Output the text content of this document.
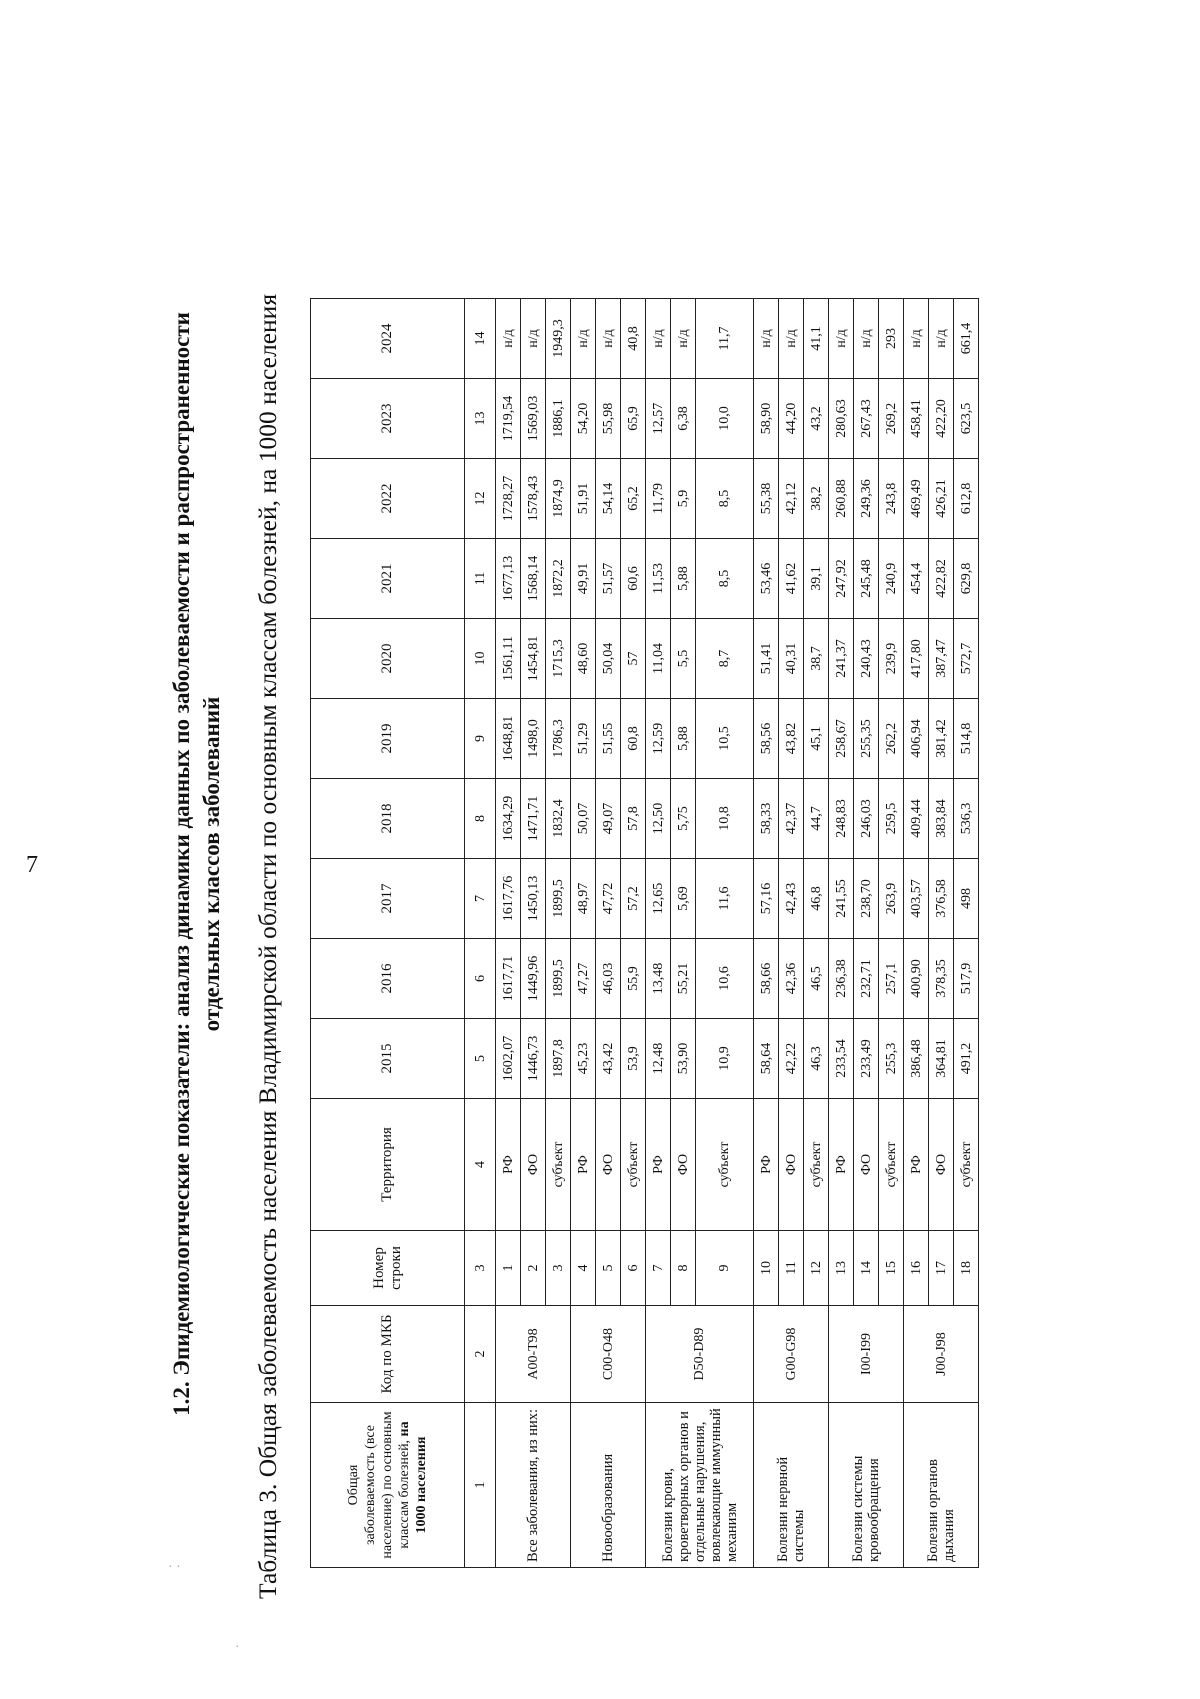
7
· ·
·
1.2. Эпидемиологические показатели: анализ динамики данных по заболеваемости и распространенности отдельных классов заболеваний Таблица 3. Общая заболеваемость населения Владимирской области по основным классам болезней, на 1000 населения	Общая заболеваемость (все население) по основным классам болезней, на 1000 населения	Код по МКБ	Номер строки	Территория	2015	2016	2017	2018	2019	2020	2021	2022	2023	2024
1	2	3	4	5	6	7	8	9	10	11	12	13	14
Все заболевания, из них:	A00-T98	1	РФ	1602,07	1617,71	1617,76	1634,29	1648,81	1561,11	1677,13	1728,27	1719,54	н/д
		2	ФО	1446,73	1449,96	1450,13	1471,71	1498,0	1454,81	1568,14	1578,43	1569,03	н/д
		3	субъект	1897,8	1899,5	1899,5	1832,4	1786,3	1715,3	1872,2	1874,9	1886,1	1949,3
Новообразования	C00-O48	4	РФ	45,23	47,27	48,97	50,07	51,29	48,60	49,91	51,91	54,20	н/д
		5	ФО	43,42	46,03	47,72	49,07	51,55	50,04	51,57	54,14	55,98	н/д
		6	субъект	53,9	55,9	57,2	57,8	60,8	57	60,6	65,2	65,9	40,8
Болезни крови, кроветворных органов и отдельные нарушения, вовлекающие иммунный механизм	D50-D89	7	РФ	12,48	13,48	12,65	12,50	12,59	11,04	11,53	11,79	12,57	н/д
		8	ФО	53,90	55,21	5,69	5,75	5,88	5,5	5,88	5,9	6,38	н/д
		9	субъект	10,9	10,6	11,6	10,8	10,5	8,7	8,5	8,5	10,0	11,7
Болезни нервной системы	G00-G98	10	РФ	58,64	58,66	57,16	58,33	58,56	51,41	53,46	55,38	58,90	н/д
		11	ФО	42,22	42,36	42,43	42,37	43,82	40,31	41,62	42,12	44,20	н/д
		12	субъект	46,3	46,5	46,8	44,7	45,1	38,7	39,1	38,2	43,2	41,1
Болезни системы кровообращения	I00-I99	13	РФ	233,54	236,38	241,55	248,83	258,67	241,37	247,92	260,88	280,63	н/д
		14	ФО	233,49	232,71	238,70	246,03	255,35	240,43	245,48	249,36	267,43	н/д
		15	субъект	255,3	257,1	263,9	259,5	262,2	239,9	240,9	243,8	269,2	293
Болезни органов дыхания	J00-J98	16	РФ	386,48	400,90	403,57	409,44	406,94	417,80	454,4	469,49	458,41	н/д
		17	ФО	364,81	378,35	376,58	383,84	381,42	387,47	422,82	426,21	422,20	н/д
		18	субъект	491,2	517,9	498	536,3	514,8	572,7	629,8	612,8	623,5	661,4
